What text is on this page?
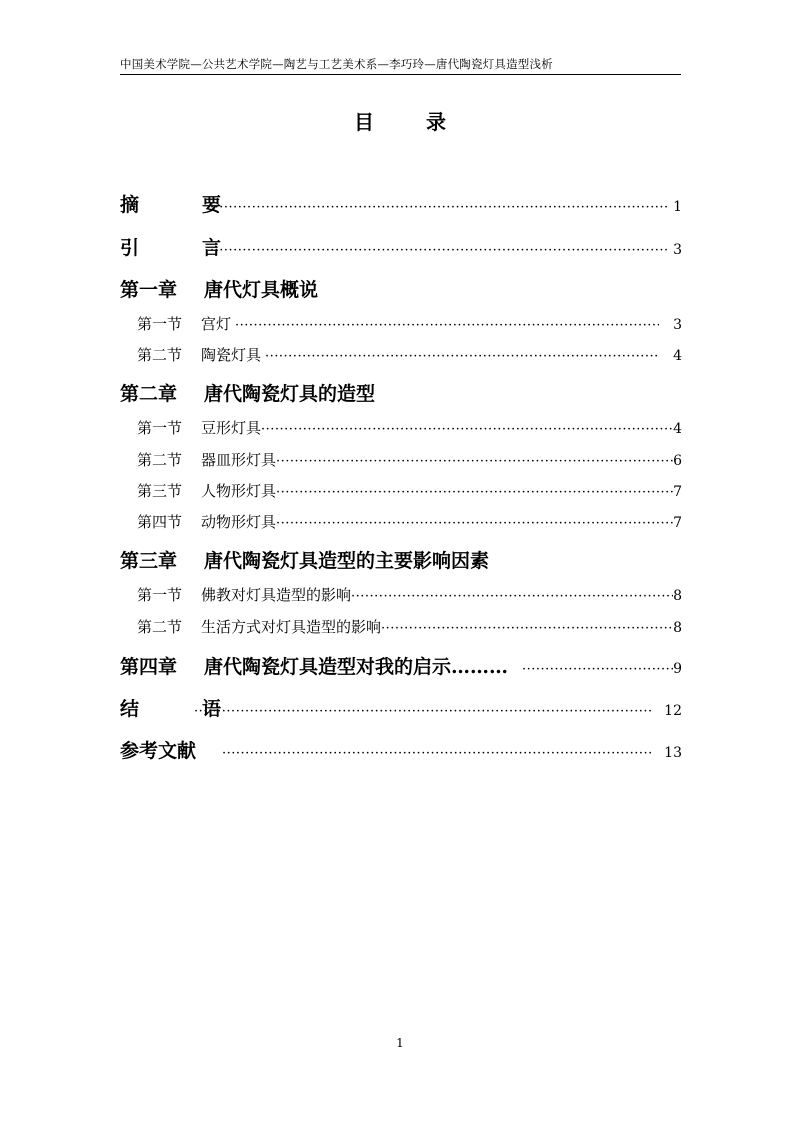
中国美术学院—公共艺术学院—陶艺与工艺美术系—李巧玲—唐代陶瓷灯具造型浅析
目　录
摘　要 ·····	1
引　言 ·····	3
第一章	唐代灯具概说
第一节	宫灯 ·····	3
第二节	陶瓷灯具 ·····	4
第二章	唐代陶瓷灯具的造型
第一节	豆形灯具 ·····	4
第二节	器皿形灯具 ·····	6
第三节	人物形灯具 ·····	7
第四节	动物形灯具 ·····	7
第三章	唐代陶瓷灯具造型的主要影响因素
第一节	佛教对灯具造型的影响 ·····	8
第二节	生活方式对灯具造型的影响 ·····	8
第四章	唐代陶瓷灯具造型对我的启示……… ·····	9
结　语 ·····	12
参考文献 ·····	13
1
